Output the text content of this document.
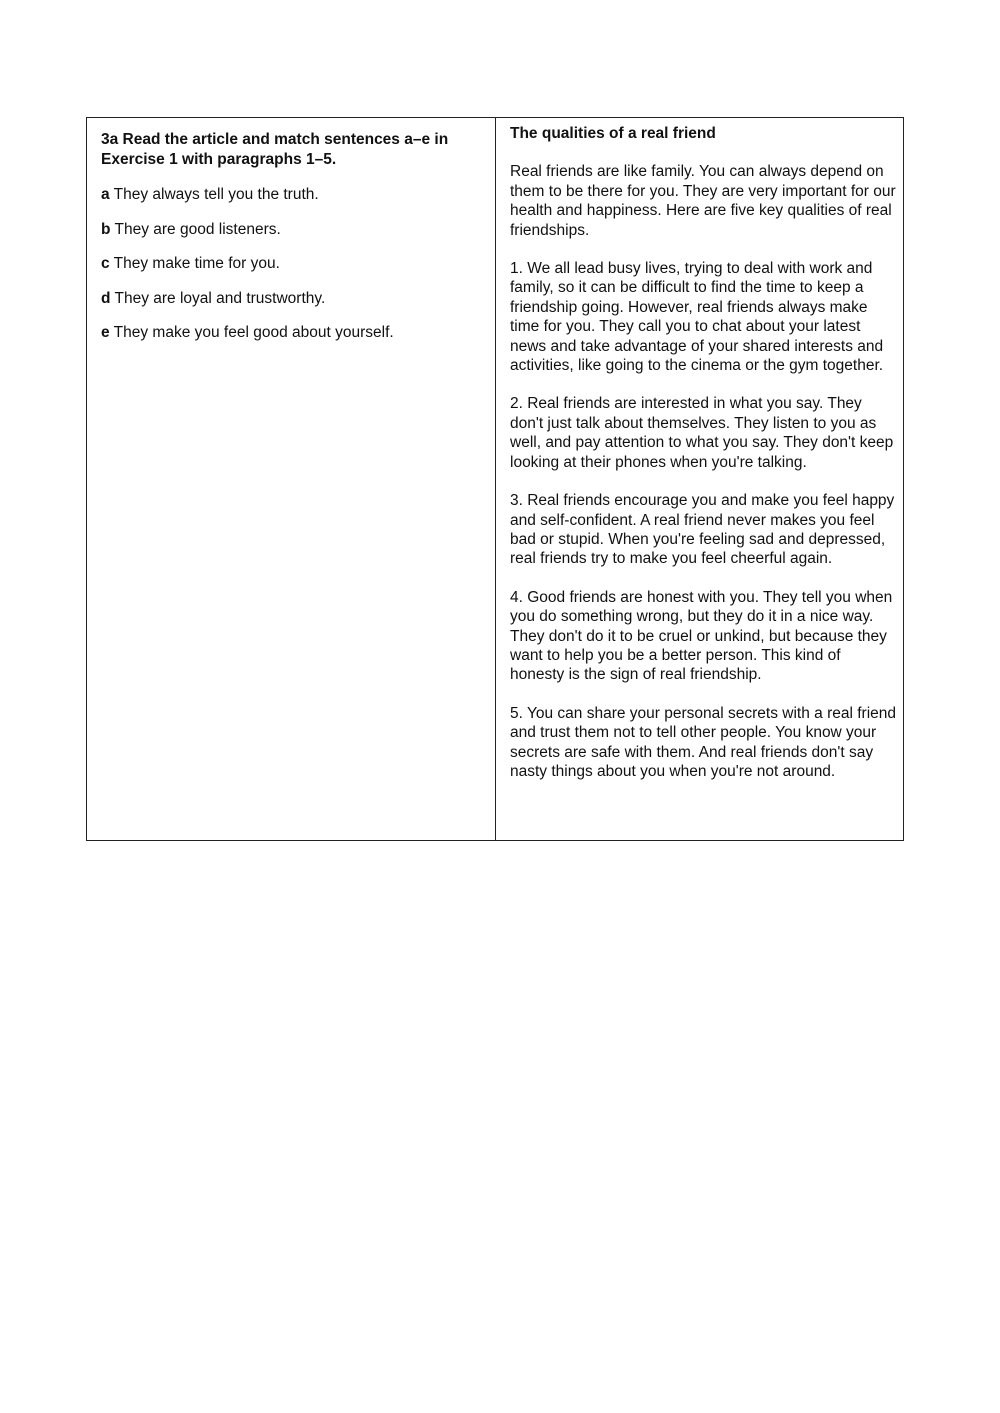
3a Read the article and match sentences a–e in Exercise 1 with paragraphs 1–5.

a They always tell you the truth.
b They are good listeners.
c They make time for you.
d They are loyal and trustworthy.
e They make you feel good about yourself.

The qualities of a real friend

Real friends are like family. You can always depend on them to be there for you. They are very important for our health and happiness. Here are five key qualities of real friendships.

1. We all lead busy lives, trying to deal with work and family, so it can be difficult to find the time to keep a friendship going. However, real friends always make time for you. They call you to chat about your latest news and take advantage of your shared interests and activities, like going to the cinema or the gym together.

2. Real friends are interested in what you say. They don't just talk about themselves. They listen to you as well, and pay attention to what you say. They don't keep looking at their phones when you're talking.

3. Real friends encourage you and make you feel happy and self-confident. A real friend never makes you feel bad or stupid. When you're feeling sad and depressed, real friends try to make you feel cheerful again.

4. Good friends are honest with you. They tell you when you do something wrong, but they do it in a nice way. They don't do it to be cruel or unkind, but because they want to help you be a better person. This kind of honesty is the sign of real friendship.

5. You can share your personal secrets with a real friend and trust them not to tell other people. You know your secrets are safe with them. And real friends don't say nasty things about you when you're not around.
